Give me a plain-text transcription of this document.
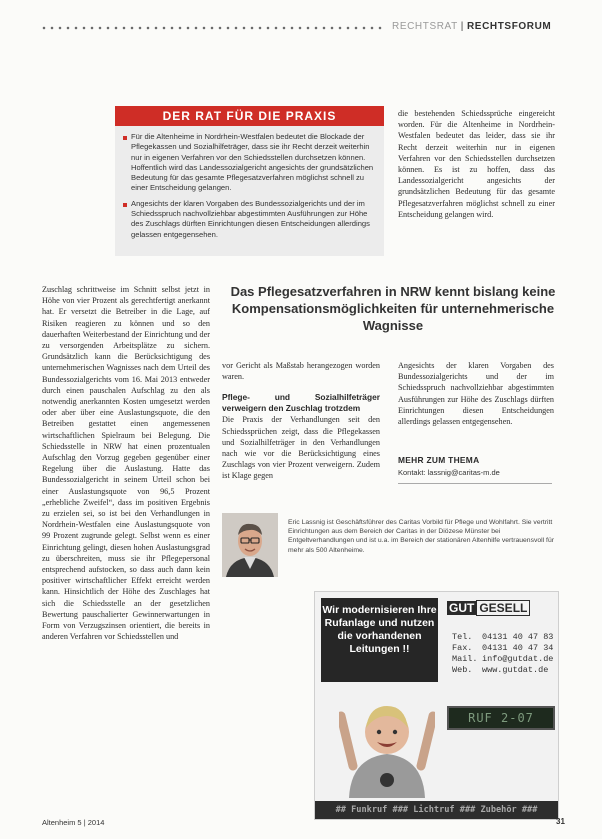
RECHTSRAT | RECHTSFORUM
DER RAT FÜR DIE PRAXIS
Für die Altenheime in Nordrhein-Westfalen bedeutet die Blockade der Pflegekassen und Sozialhilfeträger, dass sie ihr Recht derzeit weiterhin nur in eigenen Verfahren vor den Schiedsstellen durchsetzen können. Hoffentlich wird das Landessozialgericht angesichts der grundsätzlichen Bedeutung für das gesamte Pflegesatzverfahren möglichst schnell zu einer Entscheidung gelangen.
Angesichts der klaren Vorgaben des Bundessozialgerichts und der im Schiedsspruch nachvollziehbar abgestimmten Ausführungen zur Höhe des Zuschlags dürften Einrichtungen diesen Entscheidungen allerdings gelassen entgegensehen.
die bestehenden Schiedssprüche eingereicht worden. Für die Altenheime in Nordrhein-Westfalen bedeutet das leider, dass sie ihr Recht derzeit weiterhin nur in eigenen Verfahren vor den Schiedsstellen durchsetzen können. Es ist zu hoffen, dass das Landessozialgericht angesichts der grundsätzlichen Bedeutung für das gesamte Pflegesatzverfahren möglichst schnell zu einer Entscheidung gelangen wird.
Das Pflegesatzverfahren in NRW kennt bislang keine Kompensationsmöglichkeiten für unternehmerische Wagnisse
Zuschlag schrittweise im Schnitt selbst jetzt in Höhe von vier Prozent als gerechtfertigt anerkannt hat. Er versetzt die Betreiber in die Lage, auf Risiken reagieren zu können und so den dauerhaften Weiterbestand der Einrichtung und der zu versorgenden Arbeitsplätze zu sichern. Grundsätzlich kann die Berücksichtigung des unternehmerischen Wagnisses nach dem Urteil des Bundessozialgerichts vom 16. Mai 2013 entweder durch einen pauschalen Aufschlag zu den als notwendig anerkannten Kosten umgesetzt werden oder aber über eine Auslastungsquote, die den Betreiben gestattet einen angemessenen wirtschaftlichen Spielraum bei Belegung. Die Schiedsstelle in NRW hat einen prozentualen Aufschlag den Vorzug gegeben gegenüber einer Regelung über die Auslastung. Hatte das Bundessozialgericht in seinem Urteil schon bei einer Auslastungsquote von 96,5 Prozent „erhebliche Zweifel“, dass im positiven Ergebnis zu erzielen sei, so ist bei den Verhandlungen in Nordrhein-Westfalen eine Auslastungsquote von 99 Prozent zugrunde gelegt. Selbst wenn es einer Einrichtung gelingt, diesen hohen Auslastungsgrad zu überschreiten, muss sie ihr Pflegepersonal entsprechend aufstocken, so dass auch dann kein positiver wirtschaftlicher Effekt erreicht werden kann. Hinsichtlich der Höhe des Zuschlages hat sich die Schiedsstelle an der gesetzlichen Bewertung pauschalierter Gewinnerwartungen in Form von Verzugszinsen orientiert, die bereits in anderen Verfahren vor Schiedsstellen und
vor Gericht als Maßstab herangezogen worden waren.
Pflege- und Sozialhilfeträger verweigern den Zuschlag trotzdem
Die Praxis der Verhandlungen seit den Schiedssprüchen zeigt, dass die Pflegekassen und Sozialhilfeträger in den Verhandlungen nach wie vor die Berücksichtigung eines Zuschlags von vier Prozent verweigern. Zudem ist Klage gegen
Angesichts der klaren Vorgaben des Bundessozialgerichts und der im Schiedsspruch nachvollziehbar abgestimmten Ausführungen zur Höhe des Zuschlags dürften Einrichtungen diesen Entscheidungen allerdings gelassen entgegensehen.
MEHR ZUM THEMA
Kontakt: lassnig@caritas-m.de
Eric Lassnig ist Geschäftsführer des Caritas Vorbild für Pflege und Wohlfahrt. Sie vertritt Einrichtungen aus dem Bereich der Caritas in der Diözese Münster bei Entgeltverhandlungen und ist u.a. im Bereich der stationären Altenhilfe vertrauensvoll für mehr als 500 Altenheime.
Wir modernisieren Ihre Rufanlage und nutzen die vorhandenen Leitungen !!
GUT GESELL
Tel. 04131 40 47 83
Fax. 04131 40 47 34
Mail. info@gutdat.de
Web. www.gutdat.de
RUF 2-07
## Funkruf ### Lichtruf ### Zubehör ###
Altenheim 5 | 2014	31
